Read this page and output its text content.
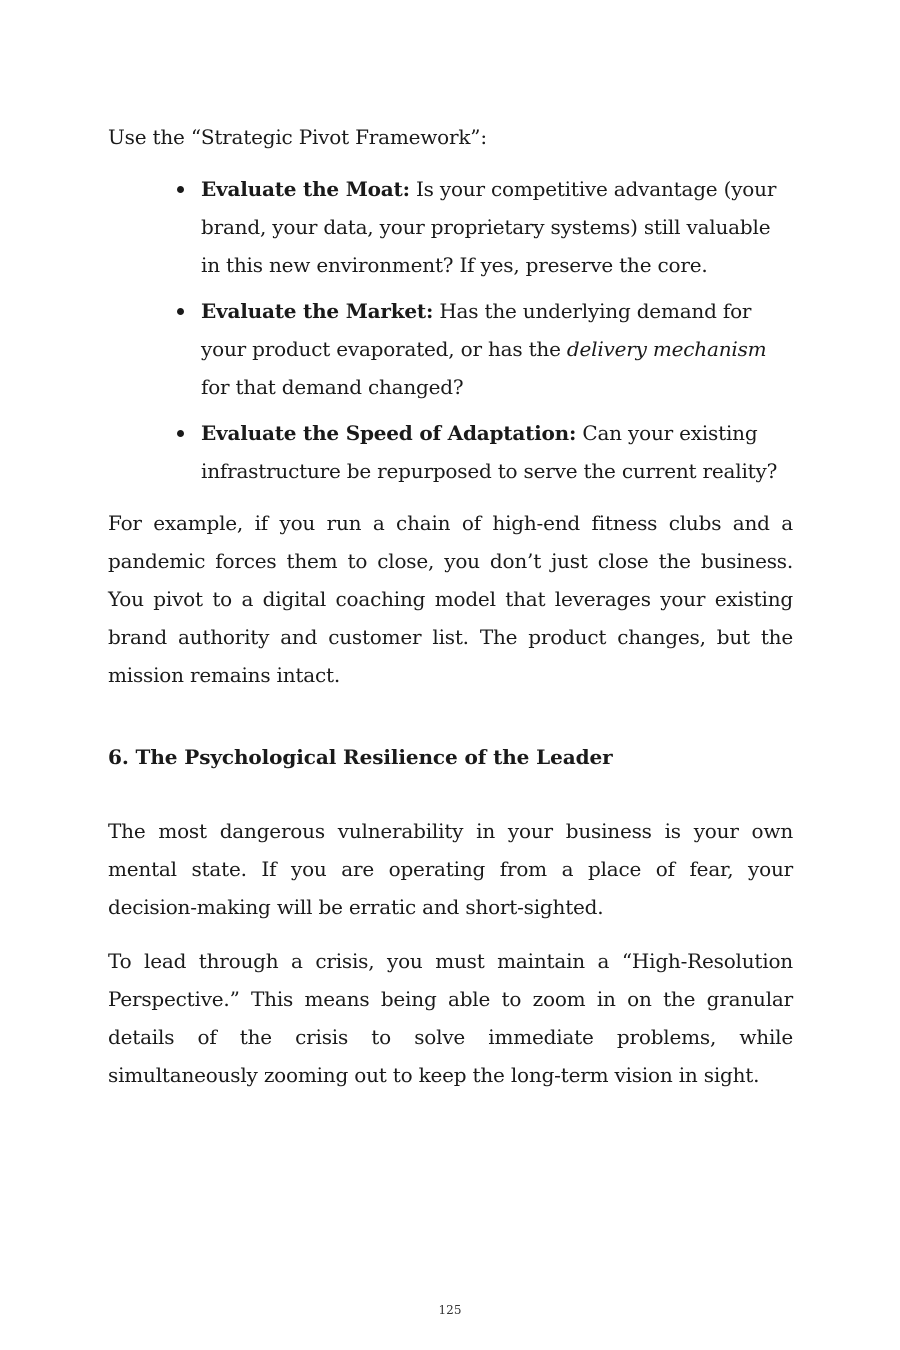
Use the “Strategic Pivot Framework”:

Evaluate the Moat: Is your competitive advantage (your brand, your data, your proprietary systems) still valuable in this new environment? If yes, preserve the core.
Evaluate the Market: Has the underlying demand for your product evaporated, or has the delivery mechanism for that demand changed?
Evaluate the Speed of Adaptation: Can your existing infrastructure be repurposed to serve the current reality?

For example, if you run a chain of high-end fitness clubs and a pandemic forces them to close, you don’t just close the business. You pivot to a digital coaching model that leverages your existing brand authority and customer list. The product changes, but the mission remains intact.

6. The Psychological Resilience of the Leader

The most dangerous vulnerability in your business is your own mental state. If you are operating from a place of fear, your decision-making will be erratic and short-sighted.

To lead through a crisis, you must maintain a “High-Resolution Perspective.” This means being able to zoom in on the granular details of the crisis to solve immediate problems, while simultaneously zooming out to keep the long-term vision in sight.

125
